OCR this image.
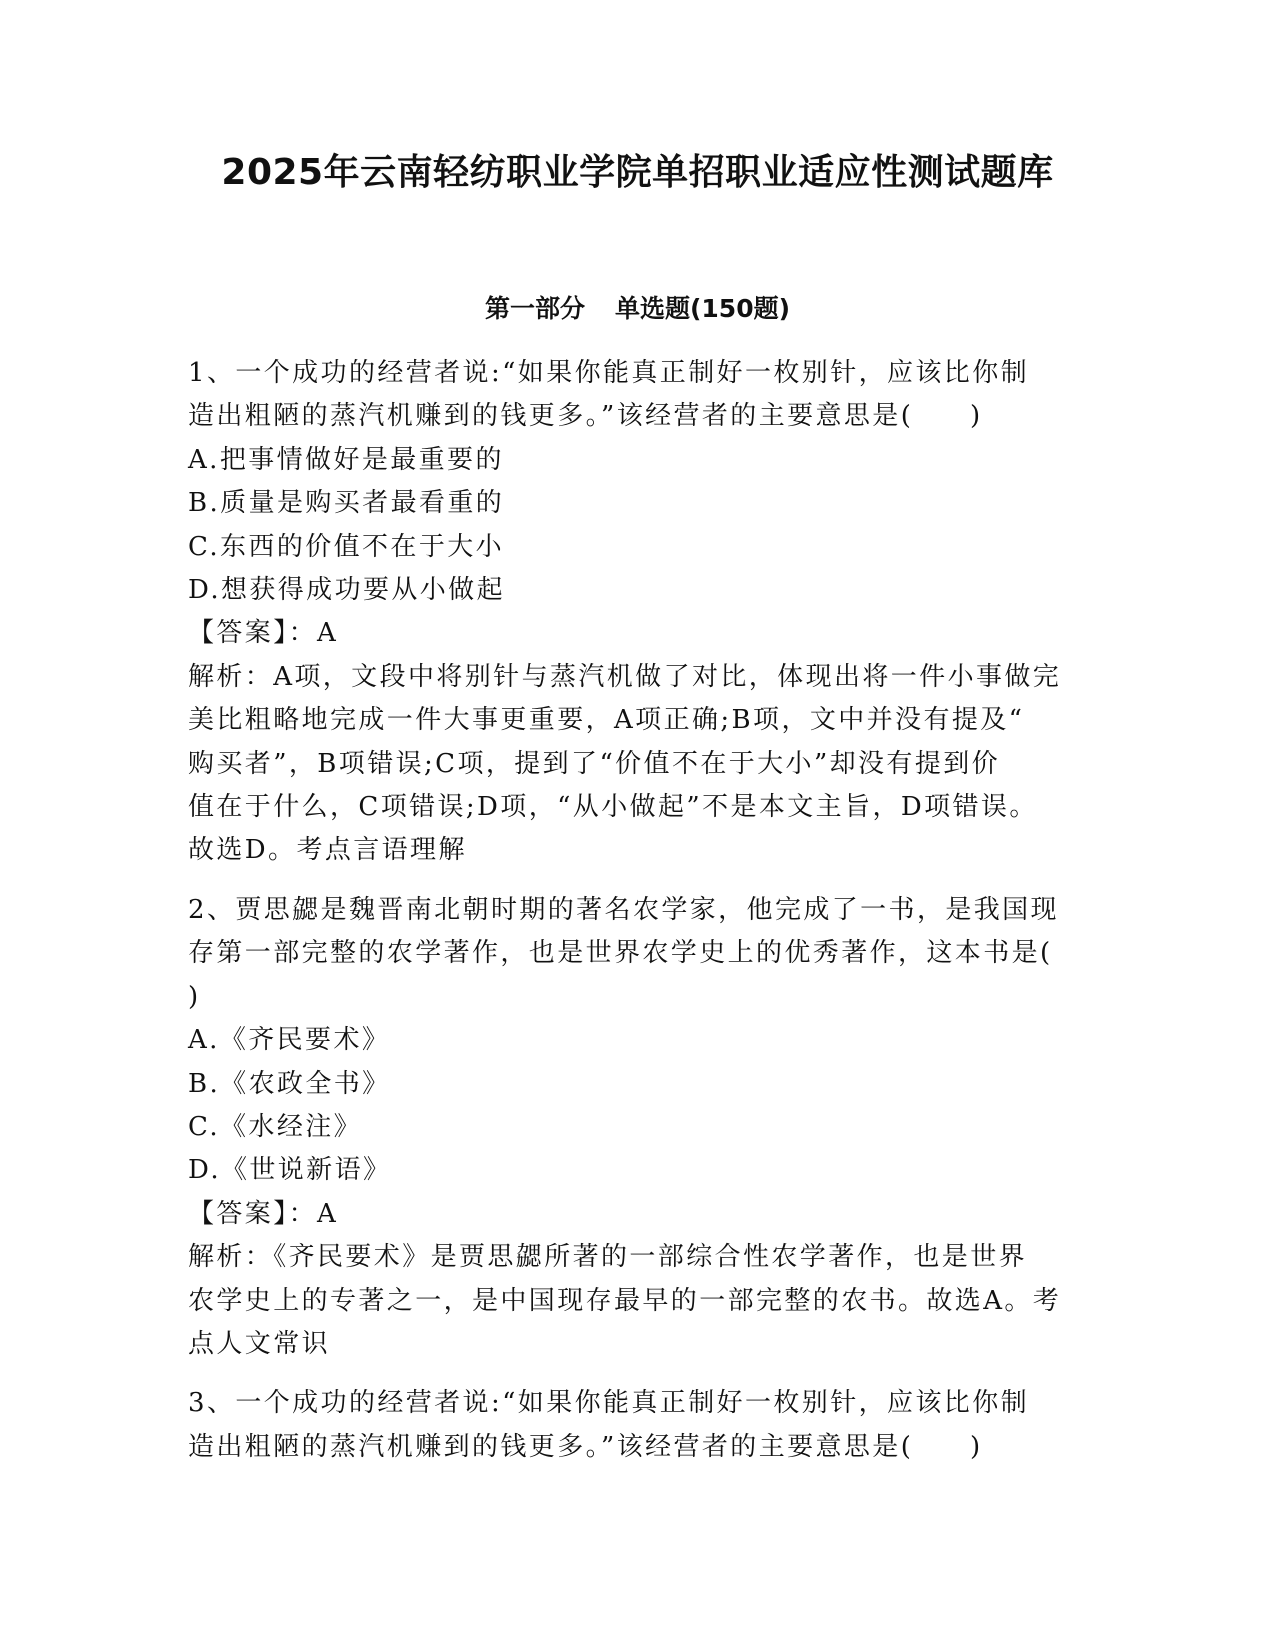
2025年云南轻纺职业学院单招职业适应性测试题库
第一部分 单选题(150题)
1、一个成功的经营者说:“如果你能真正制好一枚别针，应该比你制
造出粗陋的蒸汽机赚到的钱更多。”该经营者的主要意思是(　　)
A.把事情做好是最重要的
B.质量是购买者最看重的
C.东西的价值不在于大小
D.想获得成功要从小做起
【答案】：A
解析：A项，文段中将别针与蒸汽机做了对比，体现出将一件小事做完
美比粗略地完成一件大事更重要，A项正确;B项，文中并没有提及“
购买者”，B项错误;C项，提到了“价值不在于大小”却没有提到价
值在于什么，C项错误;D项，“从小做起”不是本文主旨，D项错误。
故选D。考点言语理解
2、贾思勰是魏晋南北朝时期的著名农学家，他完成了一书，是我国现
存第一部完整的农学著作，也是世界农学史上的优秀著作，这本书是(
)
A.《齐民要术》
B.《农政全书》
C.《水经注》
D.《世说新语》
【答案】：A
解析：《齐民要术》是贾思勰所著的一部综合性农学著作，也是世界
农学史上的专著之一，是中国现存最早的一部完整的农书。故选A。考
点人文常识
3、一个成功的经营者说:“如果你能真正制好一枚别针，应该比你制
造出粗陋的蒸汽机赚到的钱更多。”该经营者的主要意思是(　　)
